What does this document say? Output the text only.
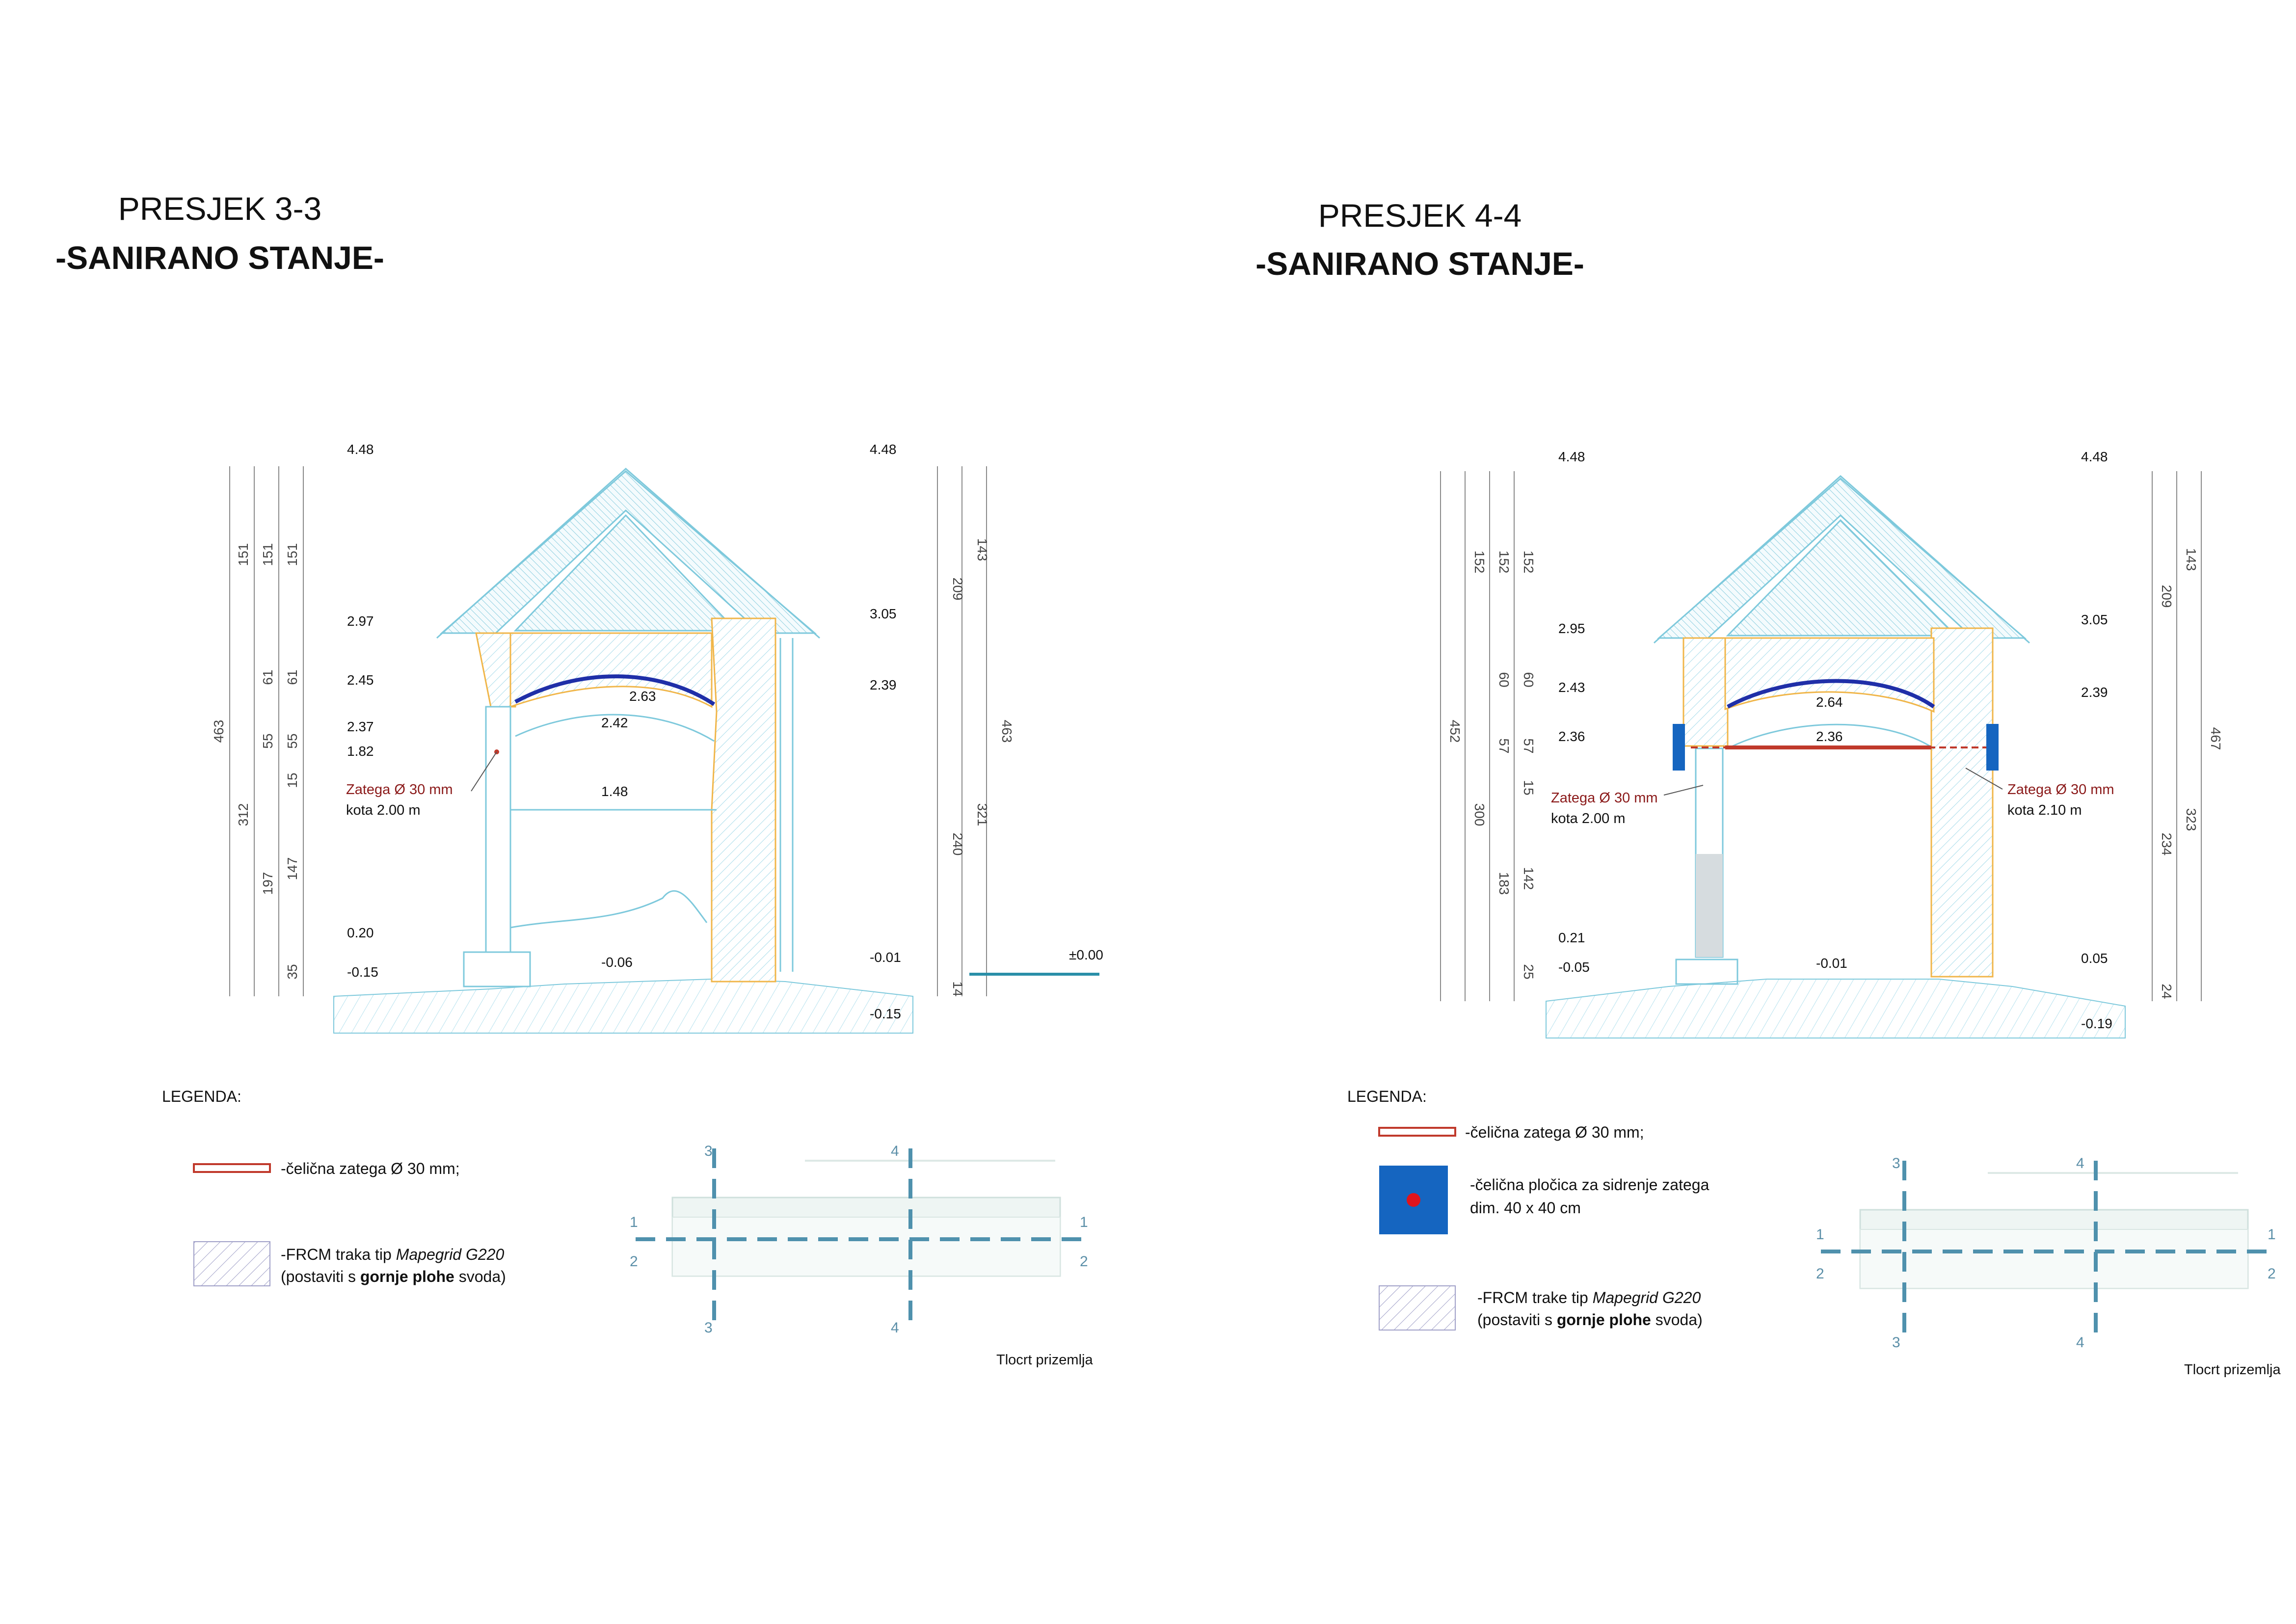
PRESJEK 3-3
-SANIRANO STANJE-
463
151
312
151
61
55
197
151
61
55
15
147
35
209
240
14
143
321
463
Zatega Ø 30 mm
kota 2.00 m
4.48
2.97
2.45
2.37
1.82
0.20
-0.15
4.48
3.05
2.39
-0.01
-0.15
±0.00
2.63
2.42
1.48
-0.06
LEGENDA:
-čelična zatega Ø 30 mm;
-FRCM traka tip Mapegrid G220
(postaviti s gornje plohe svoda)
3	4
1
2
1
2
3	4
Tlocrt prizemlja
PRESJEK 4-4
-SANIRANO STANJE-
452
152
300
152
60
57
183
152
60
57
15
142
25
209
234
24
143
323
467
Zatega Ø 30 mm
kota 2.00 m
Zatega Ø 30 mm
kota 2.10 m
4.48
2.95
2.43
2.36
0.21
-0.05
4.48
3.05
2.39
0.05
-0.19
2.64
2.36
-0.01
LEGENDA:
-čelična zatega Ø 30 mm;
-čelična pločica za sidrenje zatega
dim. 40 x 40 cm
-FRCM trake tip Mapegrid G220
(postaviti s gornje plohe svoda)
3	4
1
2
1
2
3	4
Tlocrt prizemlja
